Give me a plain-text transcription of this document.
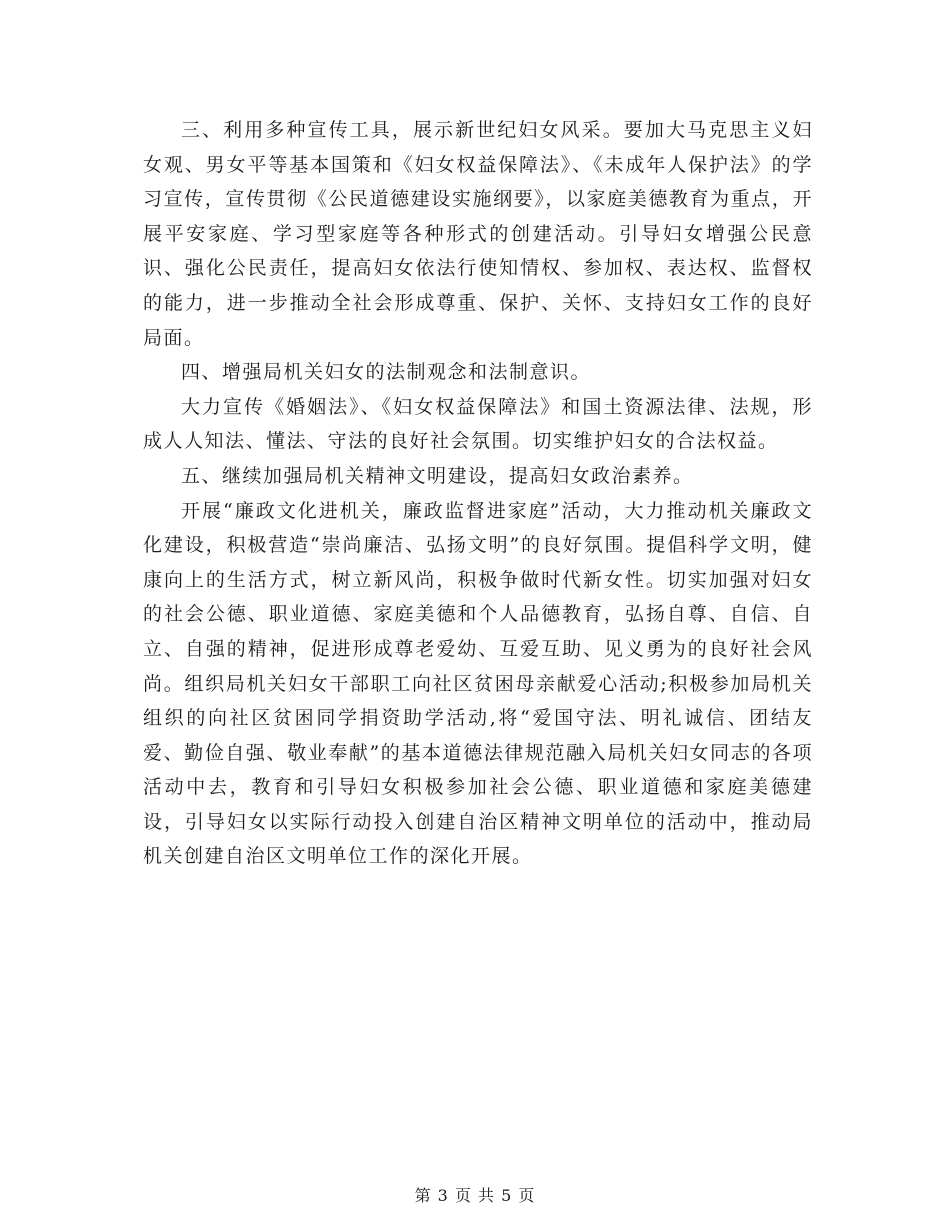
三、利用多种宣传工具，展示新世纪妇女风采。要加大马克思主义妇女观、男女平等基本国策和《妇女权益保障法》、《未成年人保护法》的学习宣传，宣传贯彻《公民道德建设实施纲要》，以家庭美德教育为重点，开展平安家庭、学习型家庭等各种形式的创建活动。引导妇女增强公民意识、强化公民责任，提高妇女依法行使知情权、参加权、表达权、监督权的能力，进一步推动全社会形成尊重、保护、关怀、支持妇女工作的良好局面。

四、增强局机关妇女的法制观念和法制意识。

大力宣传《婚姻法》、《妇女权益保障法》和国土资源法律、法规，形成人人知法、懂法、守法的良好社会氛围。切实维护妇女的合法权益。

五、继续加强局机关精神文明建设，提高妇女政治素养。

开展“廉政文化进机关，廉政监督进家庭”活动，大力推动机关廉政文化建设，积极营造“崇尚廉洁、弘扬文明”的良好氛围。提倡科学文明，健康向上的生活方式，树立新风尚，积极争做时代新女性。切实加强对妇女的社会公德、职业道德、家庭美德和个人品德教育，弘扬自尊、自信、自立、自强的精神，促进形成尊老爱幼、互爱互助、见义勇为的良好社会风尚。组织局机关妇女干部职工向社区贫困母亲献爱心活动;积极参加局机关组织的向社区贫困同学捐资助学活动,将“爱国守法、明礼诚信、团结友爱、勤俭自强、敬业奉献”的基本道德法律规范融入局机关妇女同志的各项活动中去，教育和引导妇女积极参加社会公德、职业道德和家庭美德建设，引导妇女以实际行动投入创建自治区精神文明单位的活动中，推动局机关创建自治区文明单位工作的深化开展。

第 3 页 共 5 页
